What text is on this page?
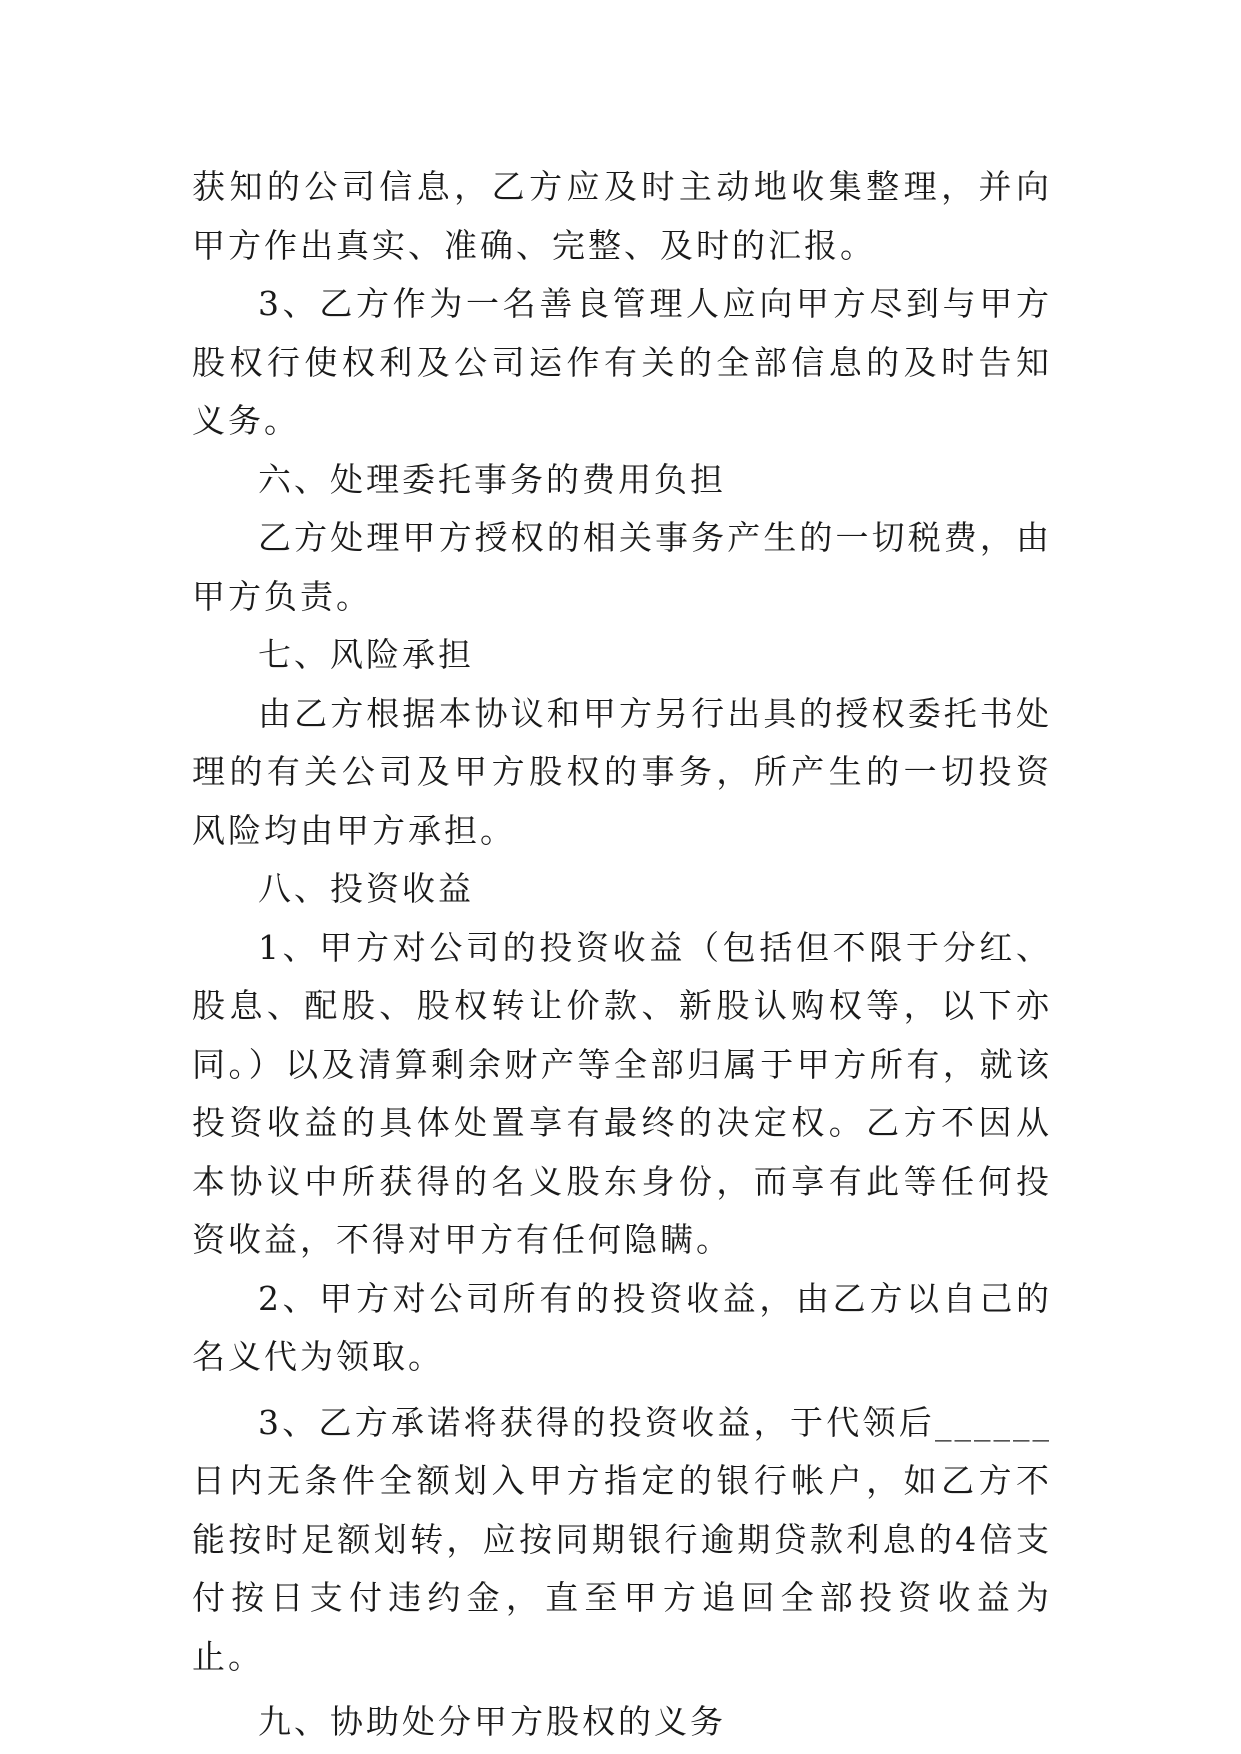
获知的公司信息，乙方应及时主动地收集整理，并向甲方作出真实、准确、完整、及时的汇报。

3、乙方作为一名善良管理人应向甲方尽到与甲方股权行使权利及公司运作有关的全部信息的及时告知义务。

六、处理委托事务的费用负担

乙方处理甲方授权的相关事务产生的一切税费，由甲方负责。

七、风险承担

由乙方根据本协议和甲方另行出具的授权委托书处理的有关公司及甲方股权的事务，所产生的一切投资风险均由甲方承担。

八、投资收益

1、甲方对公司的投资收益（包括但不限于分红、股息、配股、股权转让价款、新股认购权等，以下亦同。）以及清算剩余财产等全部归属于甲方所有，就该投资收益的具体处置享有最终的决定权。乙方不因从本协议中所获得的名义股东身份，而享有此等任何投资收益，不得对甲方有任何隐瞒。

2、甲方对公司所有的投资收益，由乙方以自己的名义代为领取。

3、乙方承诺将获得的投资收益，于代领后______日内无条件全额划入甲方指定的银行帐户，如乙方不能按时足额划转，应按同期银行逾期贷款利息的4倍支付按日支付违约金，直至甲方追回全部投资收益为止。

九、协助处分甲方股权的义务
